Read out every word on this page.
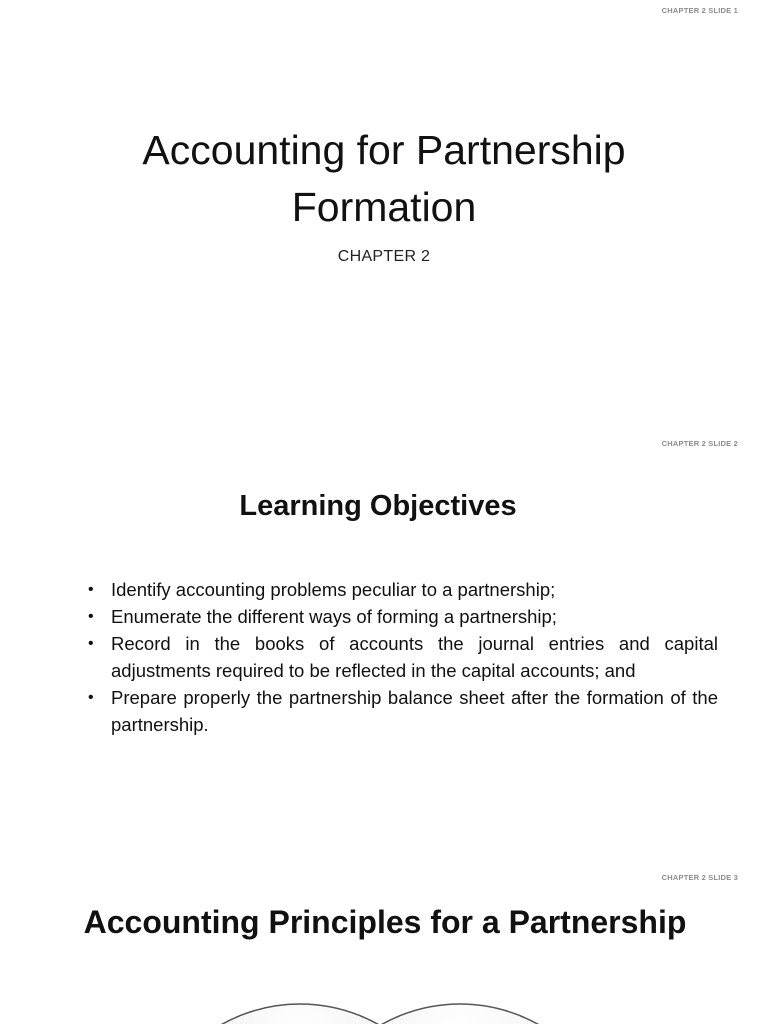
CHAPTER 2 SLIDE 1
Accounting for Partnership
Formation
CHAPTER 2
CHAPTER 2 SLIDE 2
Learning Objectives
• Identify accounting problems peculiar to a partnership;
• Enumerate the different ways of forming a partnership;
• Record in the books of accounts the journal entries and capital adjustments required to be reflected in the capital accounts; and
• Prepare properly the partnership balance sheet after the formation of the partnership.
CHAPTER 2 SLIDE 3
Accounting Principles for a Partnership
